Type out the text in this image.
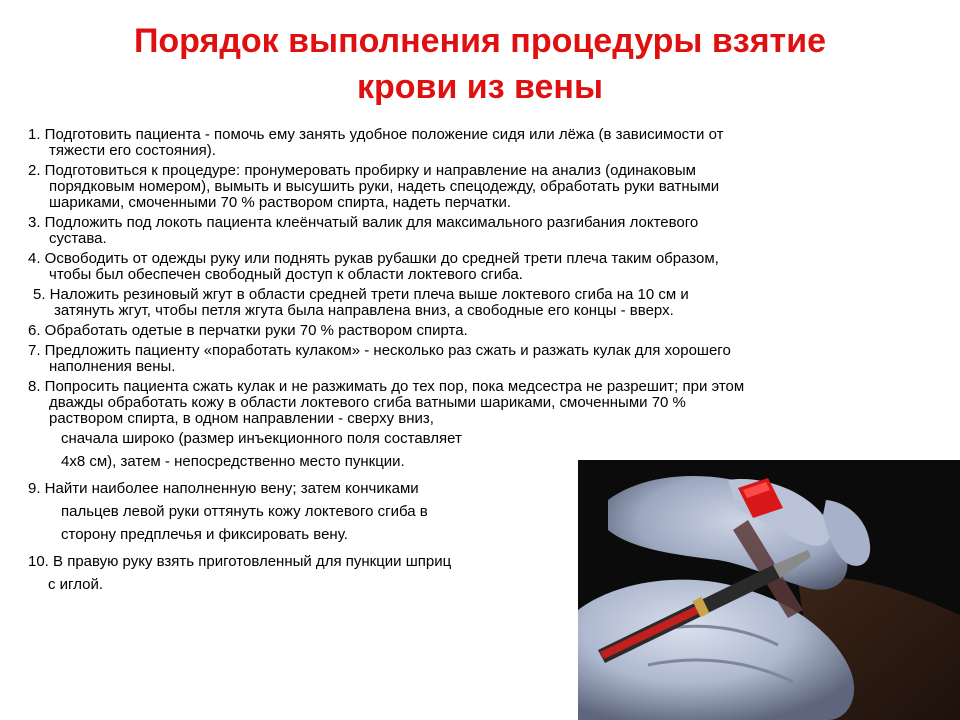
Порядок выполнения процедуры взятие
крови из вены
1. Подготовить пациента - помочь ему занять удобное положение сидя или лёжа (в зависимости от
тяжести его состояния).
2. Подготовиться к процедуре: пронумеровать пробирку и направление на анализ (одинаковым
порядковым номером), вымыть и высушить руки, надеть спецодежду, обработать руки ватными
шариками, смоченными 70 % раствором спирта, надеть перчатки.
3. Подложить под локоть пациента клеёнчатый валик для максимального разгибания локтевого
сустава.
4. Освободить от одежды руку или поднять рукав рубашки до средней трети плеча таким образом,
чтобы был обеспечен свободный доступ к области локтевого сгиба.
5. Наложить резиновый жгут в области средней трети плеча выше локтевого сгиба на 10 см и
затянуть жгут, чтобы петля жгута была направлена вниз, а свободные его концы - вверх.
6. Обработать одетые в перчатки руки 70 % раствором спирта.
7. Предложить пациенту «поработать кулаком» - несколько раз сжать и разжать кулак для хорошего
наполнения вены.
8. Попросить пациента сжать кулак и не разжимать до тех пор, пока медсестра не разрешит; при этом
дважды обработать кожу в области локтевого сгиба ватными шариками, смоченными 70 %
раствором спирта, в одном направлении - сверху вниз,
сначала широко (размер инъекционного поля составляет
4х8 см), затем - непосредственно место пункции.
9. Найти наиболее наполненную вену; затем кончиками
пальцев левой руки оттянуть кожу локтевого сгиба в
сторону предплечья и фиксировать вену.
10. В правую руку взять приготовленный для пункции шприц
с иглой.
